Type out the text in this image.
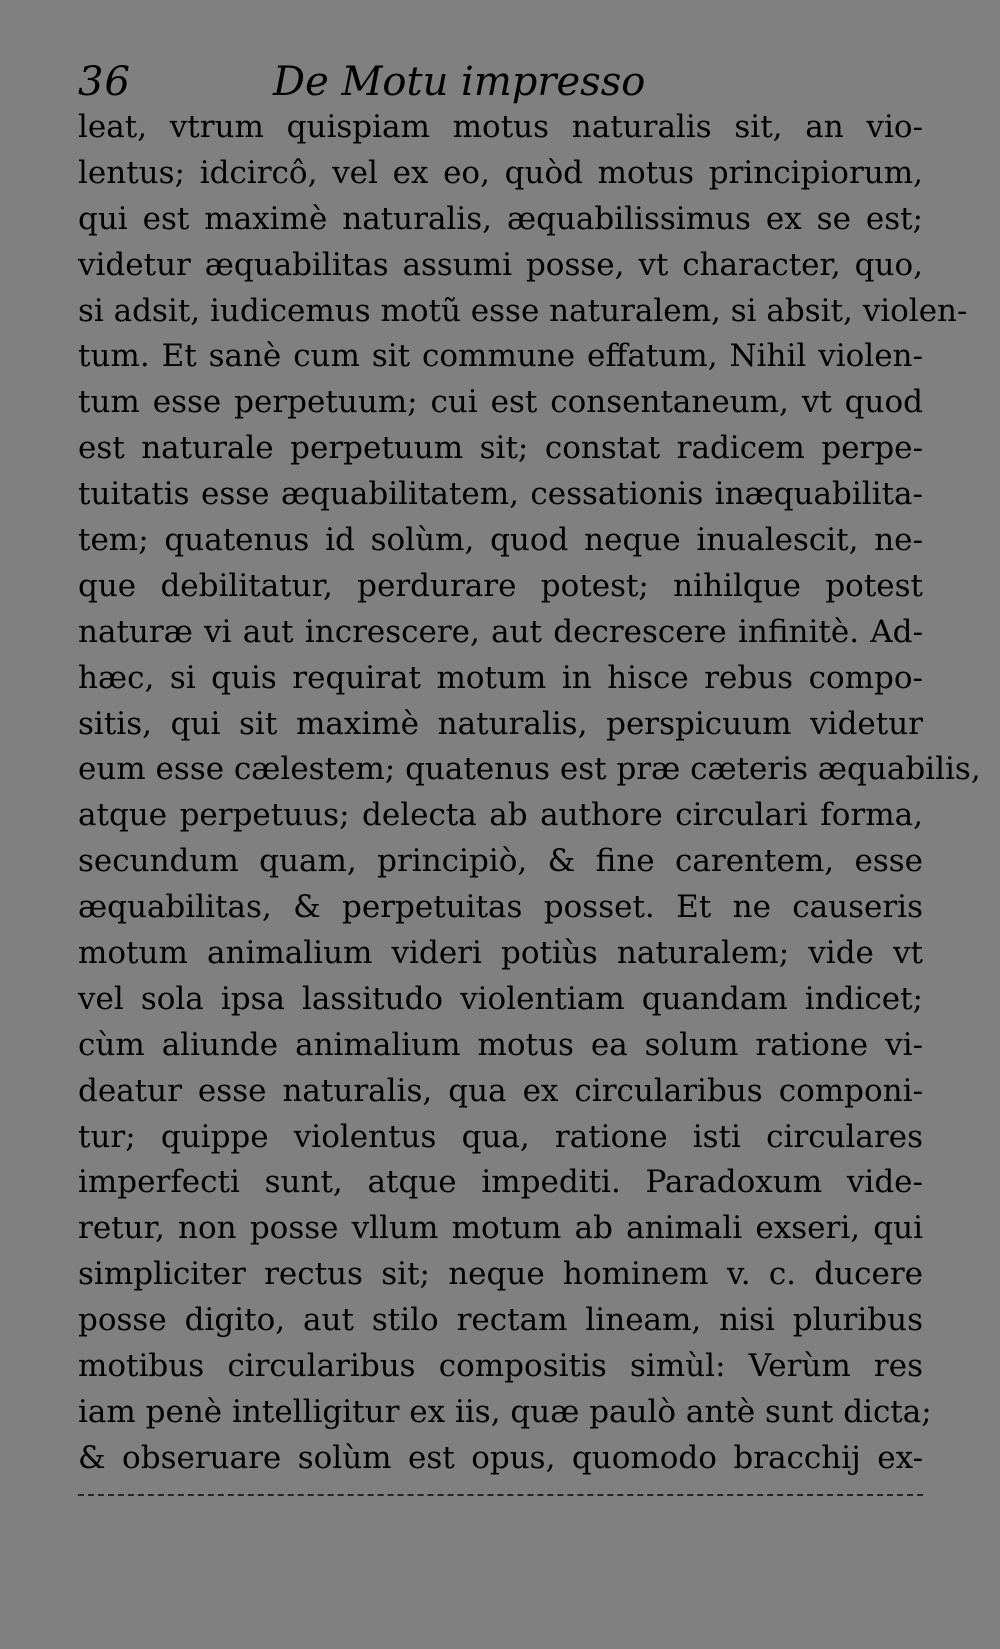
36	De Motu impresso
leat, vtrum quispiam motus naturalis sit, an vio-
lentus; idcircô, vel ex eo, quòd motus principiorum,
qui est maximè naturalis, æquabilissimus ex se est;
videtur æquabilitas assumi posse, vt character, quo,
si adsit, iudicemus motũ esse naturalem, si absit, violen-
tum. Et sanè cum sit commune effatum, Nihil violen-
tum esse perpetuum; cui est consentaneum, vt quod
est naturale perpetuum sit; constat radicem perpe-
tuitatis esse æquabilitatem, cessationis inæquabilita-
tem; quatenus id solùm, quod neque inualescit, ne-
que debilitatur, perdurare potest; nihilque potest
naturæ vi aut increscere, aut decrescere infinitè. Ad-
hæc, si quis requirat motum in hisce rebus compo-
sitis, qui sit maximè naturalis, perspicuum videtur
eum esse cælestem; quatenus est præ cæteris æquabilis,
atque perpetuus; delecta ab authore circulari forma,
secundum quam, principiò, & fine carentem, esse
æquabilitas, & perpetuitas posset. Et ne causeris
motum animalium videri potiùs naturalem; vide vt
vel sola ipsa lassitudo violentiam quandam indicet;
cùm aliunde animalium motus ea solum ratione vi-
deatur esse naturalis, qua ex circularibus componi-
tur; quippe violentus qua, ratione isti circulares
imperfecti sunt, atque impediti. Paradoxum vide-
retur, non posse vllum motum ab animali exseri, qui
simpliciter rectus sit; neque hominem v. c. ducere
posse digito, aut stilo rectam lineam, nisi pluribus
motibus circularibus compositis simùl: Verùm res
iam penè intelligitur ex iis, quæ paulò antè sunt dicta;
& obseruare solùm est opus, quomodo bracchij ex-
